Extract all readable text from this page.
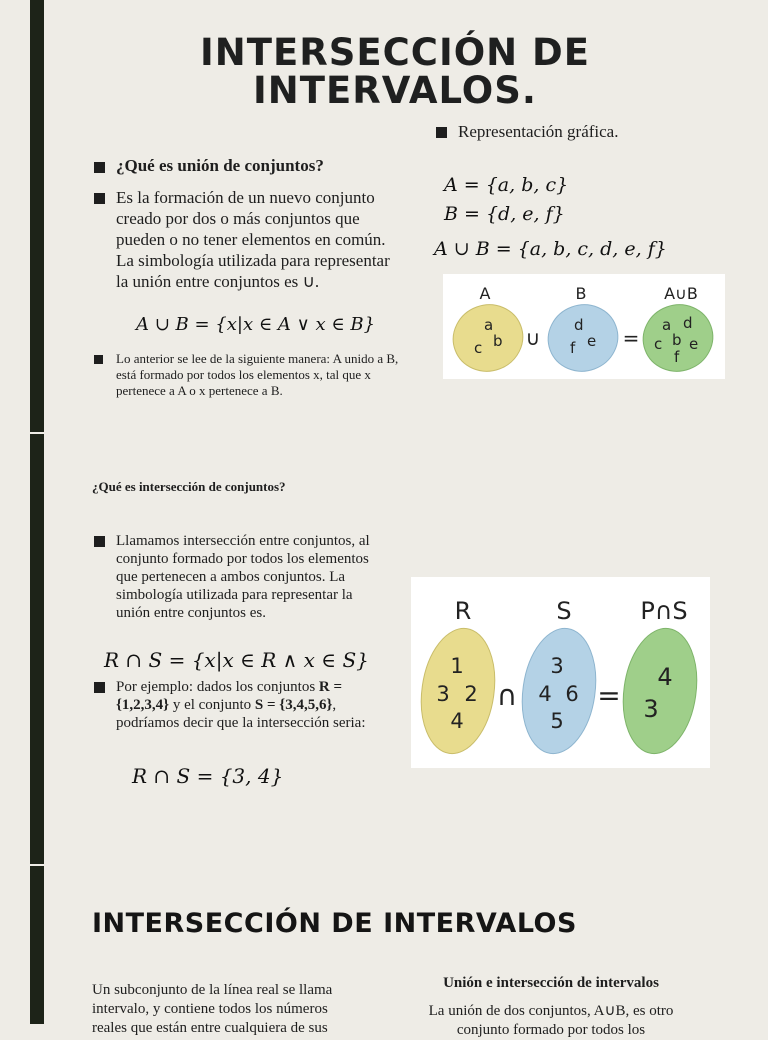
INTERSECCIÓN DE INTERVALOS.
¿Qué es unión de conjuntos?
Es la formación de un nuevo conjunto creado por dos o más conjuntos que pueden o no tener elementos en común. La simbología utilizada para representar la unión entre conjuntos es ∪.
A ∪ B = {x|x ∈ A ∨ x ∈ B}
Lo anterior se lee de la siguiente manera: A unido a B, está formado por todos los elementos x, tal que x pertenece a A o x pertenece a B.
Representación gráfica.
A = {a, b, c}
B = {d, e, f}
A ∪ B = {a, b, c, d, e, f}
A	B	A∪B
∪	=
a
b
c
d
e
f
a d
c b e
f
¿Qué es intersección de conjuntos?
Llamamos intersección entre conjuntos, al conjunto formado por todos los elementos que pertenecen a ambos conjuntos. La simbología utilizada para representar la unión entre conjuntos es.
R ∩ S = {x|x ∈ R ∧ x ∈ S}
Por ejemplo: dados los conjuntos R = {1,2,3,4} y el conjunto S = {3,4,5,6}, podríamos decir que la intersección seria:
R ∩ S = {3, 4}
R	S	P∩S
∩	=
1
3 2
4
3
4 6
5
4
3
INTERSECCIÓN DE INTERVALOS
Un subconjunto de la línea real se llama intervalo, y contiene todos los números reales que están entre cualquiera de sus
Unión e intersección de intervalos
La unión de dos conjuntos, A∪B, es otro conjunto formado por todos los
